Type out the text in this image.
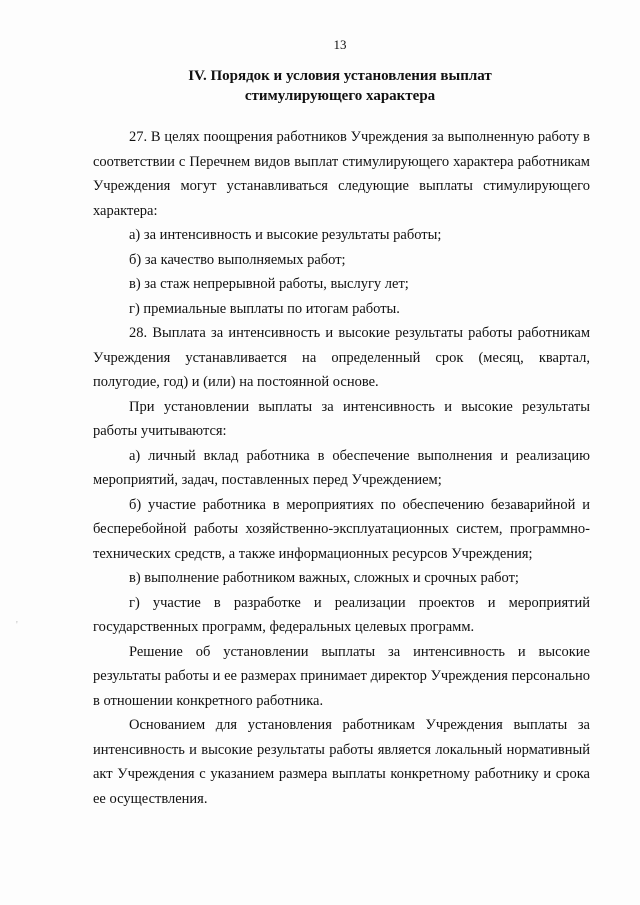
13
IV. Порядок и условия установления выплат
стимулирующего характера

27. В целях поощрения работников Учреждения за выполненную работу в соответствии с Перечнем видов выплат стимулирующего характера работникам Учреждения могут устанавливаться следующие выплаты стимулирующего характера:

а) за интенсивность и высокие результаты работы;

б) за качество выполняемых работ;

в) за стаж непрерывной работы, выслугу лет;

г) премиальные выплаты по итогам работы.

28. Выплата за интенсивность и высокие результаты работы работникам Учреждения устанавливается на определенный срок (месяц, квартал, полугодие, год) и (или) на постоянной основе.

При установлении выплаты за интенсивность и высокие результаты работы учитываются:

а) личный вклад работника в обеспечение выполнения и реализацию мероприятий, задач, поставленных перед Учреждением;

б) участие работника в мероприятиях по обеспечению безаварийной и бесперебойной работы хозяйственно-эксплуатационных систем, программно-технических средств, а также информационных ресурсов Учреждения;

в) выполнение работником важных, сложных и срочных работ;

г) участие в разработке и реализации проектов и мероприятий государственных программ, федеральных целевых программ.

Решение об установлении выплаты за интенсивность и высокие результаты работы и ее размерах принимает директор Учреждения персонально в отношении конкретного работника.

Основанием для установления работникам Учреждения выплаты за интенсивность и высокие результаты работы является локальный нормативный акт Учреждения с указанием размера выплаты конкретному работнику и срока ее осуществления.

'
